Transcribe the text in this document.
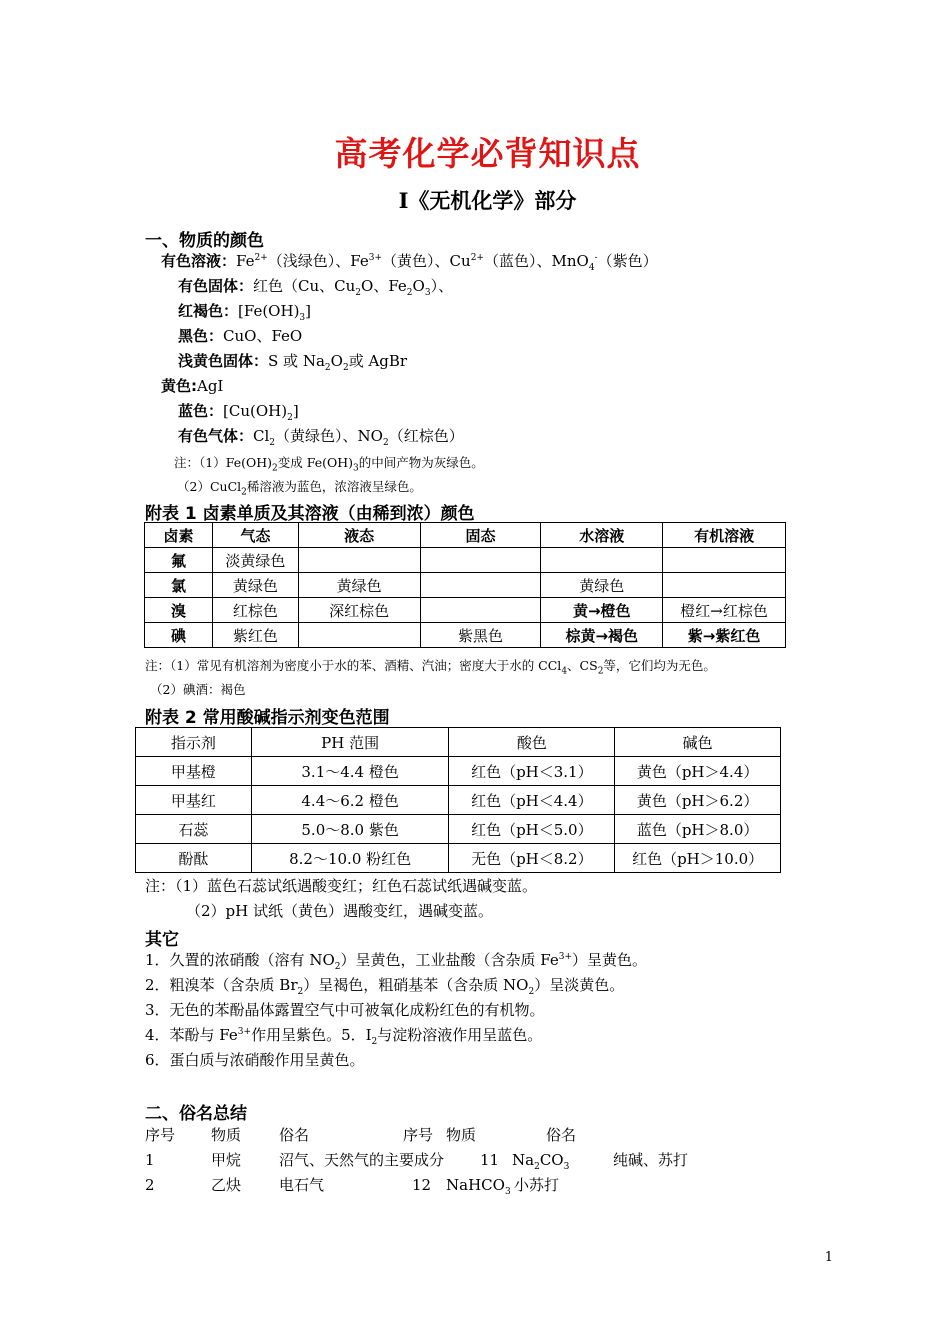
高考化学必背知识点
I《无机化学》部分
一、物质的颜色
有色溶液：$Fe^{2+}$（浅绿色）、$Fe^{3+}$（黄色）、$Cu^{2+}$（蓝色）、MnO$_4$-（紫色）
有色固体：红色（Cu、$Cu_2O$、$Fe_2O_3$）、
红褐色：$[Fe(OH)_3]$
黑色：CuO、FeO
浅黄色固体：S 或 $Na_2O_2$或 AgBr
黄色:AgI
蓝色：$[Cu(OH)_2]$
有色气体：$Cl_2$（黄绿色）、$NO_2$（红棕色）
注：$(1)Fe(OH)_2$变成 $Fe(OH)_3$的中间产物为灰绿色。
（2）CuCl$_2$稀溶液为蓝色，浓溶液呈绿色。
附表 1 卤素单质及其溶液（由稀到浓）颜色
卤素	气态	液态	固态	水溶液	有机溶液
氟	淡黄绿色				
氯	黄绿色	黄绿色		黄绿色	
溴	红棕色	深红棕色		黄→橙色	橙红→红棕色
碘	紫红色		紫黑色	棕黄→褐色	紫→紫红色
注：（1）常见有机溶剂为密度小于水的苯、酒精、汽油；密度大于水的 CCl$_4$、$CS_2$等，它们均为无色。
（2）碘酒：褐色
附表 2 常用酸碱指示剂变色范围
指示剂	PH 范围	酸色	碱色
甲基橙	3.1～4.4 橙色	红色（pH＜3.1）	黄色（pH＞4.4）
甲基红	4.4～6.2 橙色	红色（pH＜4.4）	黄色（pH＞6.2）
石蕊	5.0～8.0 紫色	红色（pH＜5.0）	蓝色（pH＞8.0）
酚酞	8.2～10.0 粉红色	无色（pH＜8.2）	红色（pH＞10.0）
注：（1）蓝色石蕊试纸遇酸变红；红色石蕊试纸遇碱变蓝。
（2）pH 试纸（黄色）遇酸变红，遇碱变蓝。
其它
1．久置的浓硝酸（溶有 $NO_2$）呈黄色，工业盐酸（含杂质 $Fe^{3+}$）呈黄色。
2．粗溴苯（含杂质 $Br_2$）呈褐色，粗硝基苯（含杂质 $NO_2$）呈淡黄色。
3．无色的苯酚晶体露置空气中可被氧化成粉红色的有机物。
4．苯酚与 $Fe^{3+}$作用呈紫色。5．$I_2$与淀粉溶液作用呈蓝色。
6．蛋白质与浓硝酸作用呈黄色。
二、俗名总结
序号 物质	俗名	序号 物质	俗名
1	甲烷	沼气、天然气的主要成分 11 $Na_2CO_3$	纯碱、苏打
2	乙炔	电石气	12 NaHCO$_3$ 小苏打
1
